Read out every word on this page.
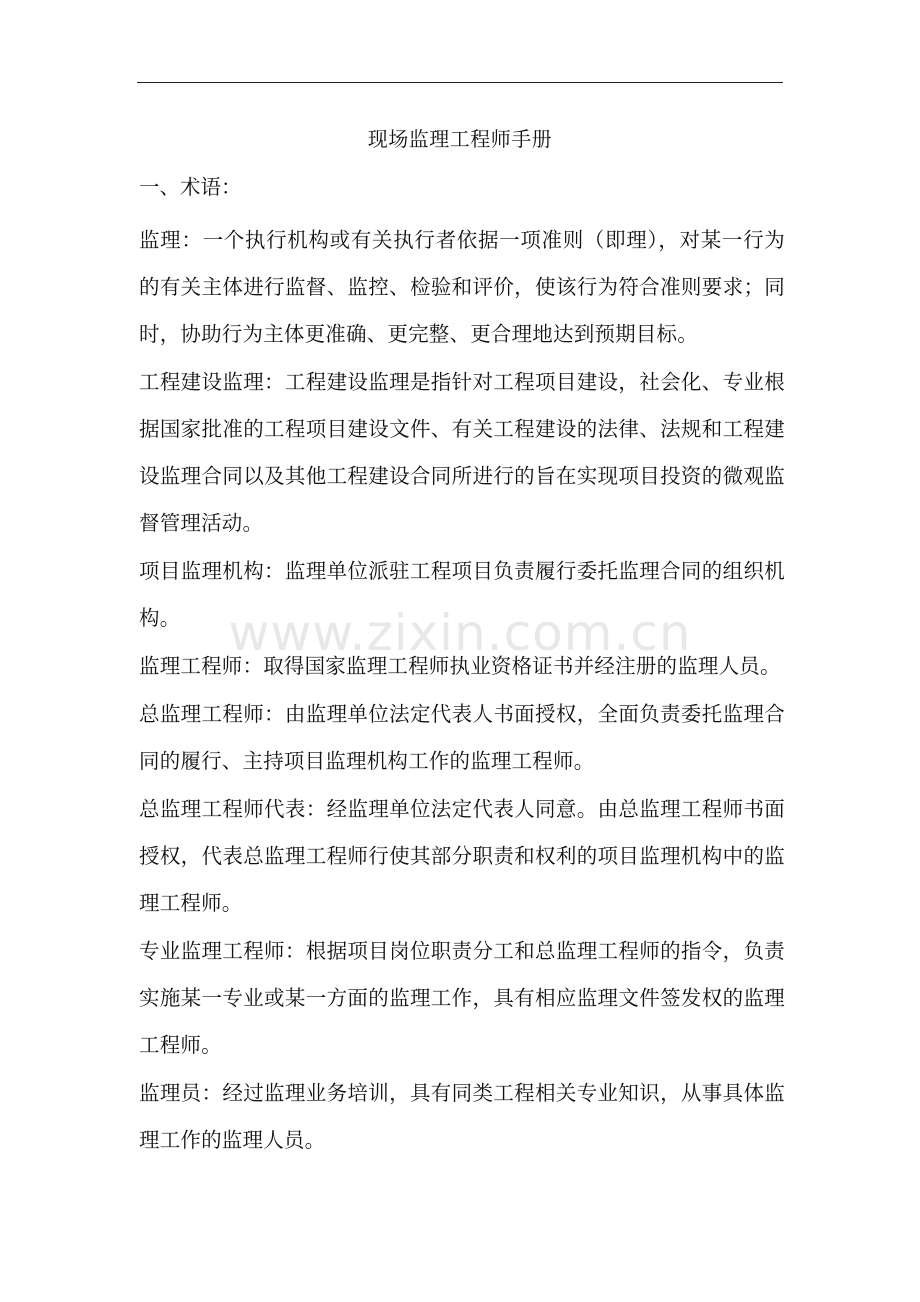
现场监理工程师手册
一、术语：

监理：一个执行机构或有关执行者依据一项准则（即理），对某一行为的有关主体进行监督、监控、检验和评价，使该行为符合准则要求；同时，协助行为主体更准确、更完整、更合理地达到预期目标。

工程建设监理：工程建设监理是指针对工程项目建设，社会化、专业根据国家批准的工程项目建设文件、有关工程建设的法律、法规和工程建设监理合同以及其他工程建设合同所进行的旨在实现项目投资的微观监督管理活动。

项目监理机构：监理单位派驻工程项目负责履行委托监理合同的组织机构。

监理工程师：取得国家监理工程师执业资格证书并经注册的监理人员。

总监理工程师：由监理单位法定代表人书面授权，全面负责委托监理合同的履行、主持项目监理机构工作的监理工程师。

总监理工程师代表：经监理单位法定代表人同意。由总监理工程师书面授权，代表总监理工程师行使其部分职责和权利的项目监理机构中的监理工程师。

专业监理工程师：根据项目岗位职责分工和总监理工程师的指令，负责实施某一专业或某一方面的监理工作，具有相应监理文件签发权的监理工程师。

监理员：经过监理业务培训，具有同类工程相关专业知识，从事具体监理工作的监理人员。

www.zixin.com.cn
